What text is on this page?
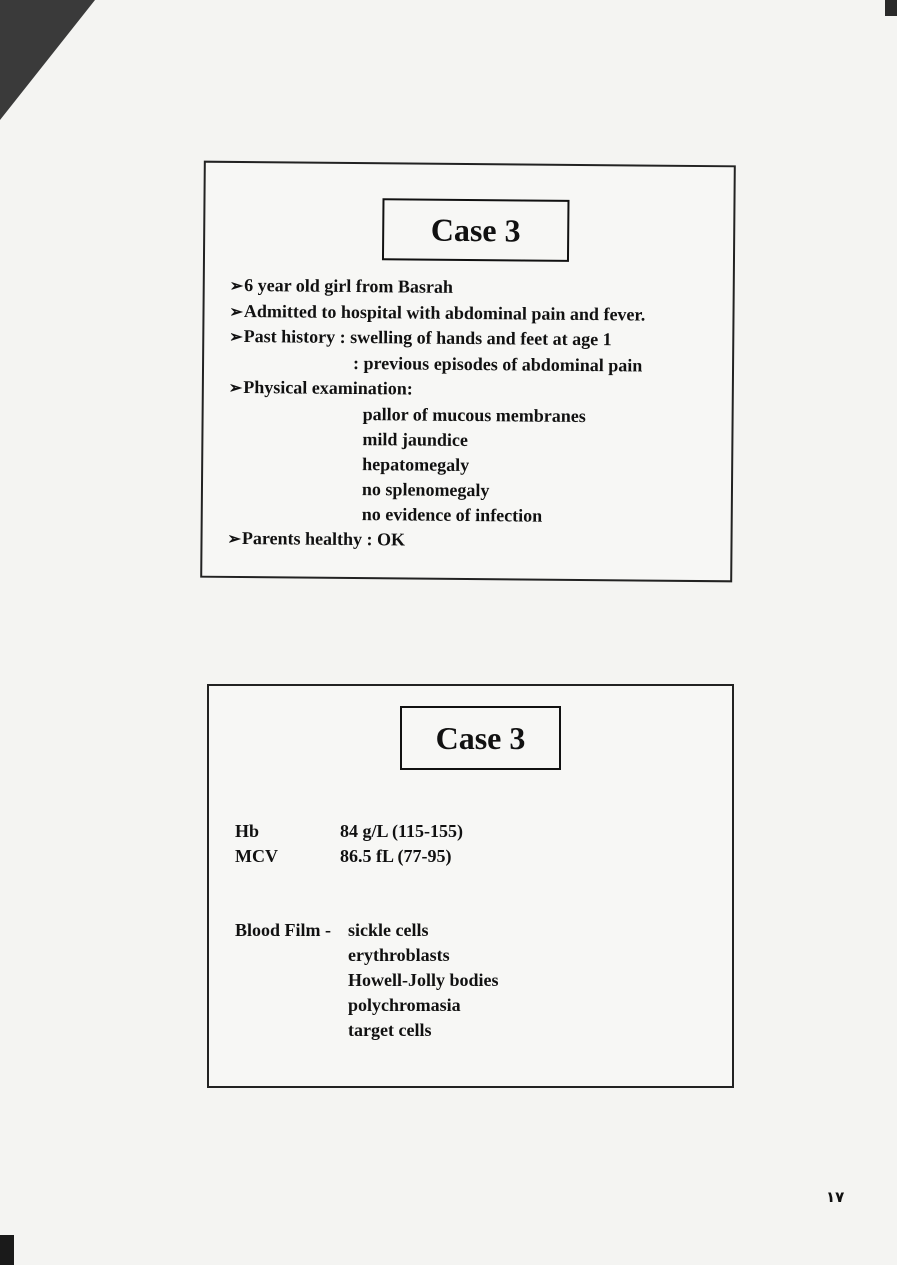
Case 3
➢6 year old girl from Basrah
➢Admitted to hospital with abdominal pain and fever.
➢Past history : swelling of hands and feet at age 1
: previous episodes of abdominal pain
➢Physical examination:
pallor of mucous membranes
mild jaundice
hepatomegaly
no splenomegaly
no evidence of infection
➢Parents healthy : OK
Case 3
Hb	84 g/L (115-155)
MCV	86.5 fL (77-95)
Blood Film - sickle cells
erythroblasts
Howell-Jolly bodies
polychromasia
target cells
١٧
